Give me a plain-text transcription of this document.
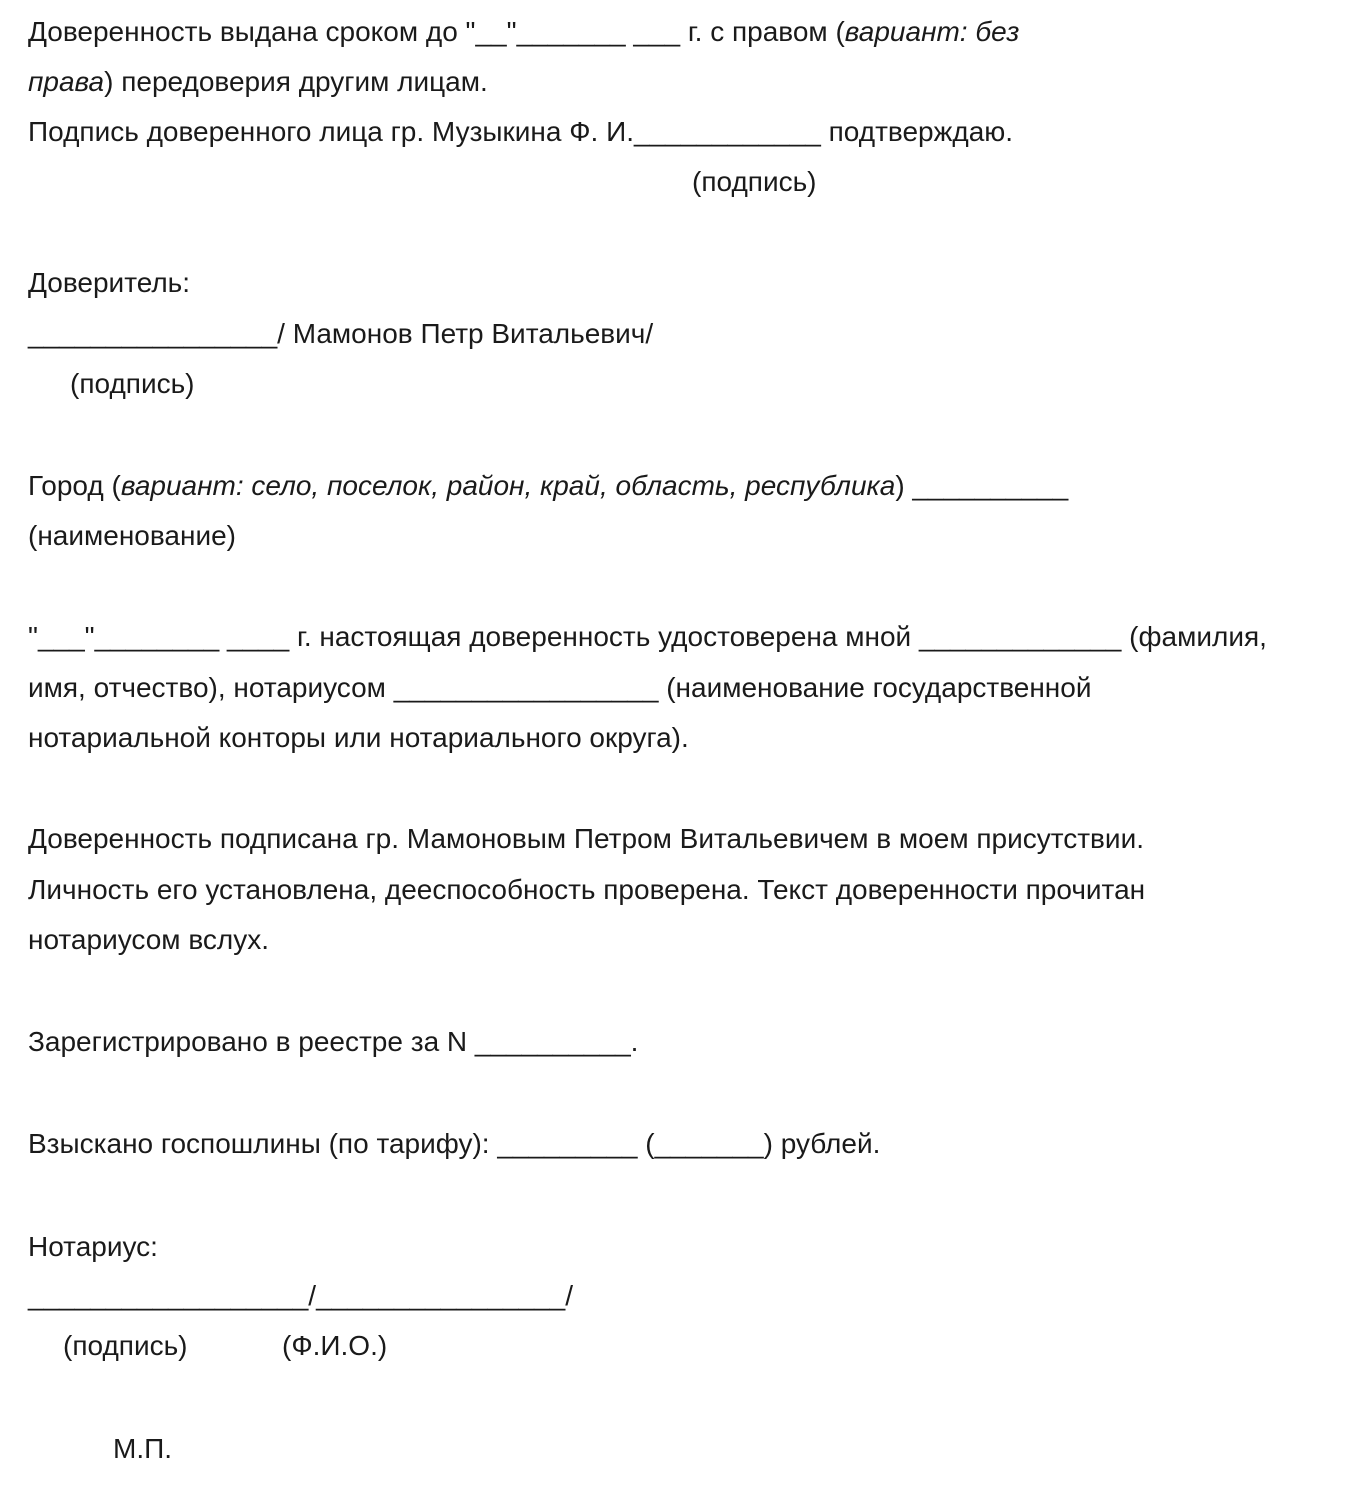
Доверенность выдана сроком до "__"_______ ___ г. с правом (вариант: без

права) передоверия другим лицам.

Подпись доверенного лица гр. Музыкина Ф. И.____________ подтверждаю.

(подпись)

Доверитель:

________________/ Мамонов Петр Витальевич/

(подпись)

Город (вариант: село, поселок, район, край, область, республика) __________

(наименование)

"___"________ ____ г. настоящая доверенность удостоверена мной _____________ (фамилия,

имя, отчество), нотариусом _________________ (наименование государственной

нотариальной конторы или нотариального округа).

Доверенность подписана гр. Мамоновым Петром Витальевичем в моем присутствии.

Личность его установлена, дееспособность проверена. Текст доверенности прочитан

нотариусом вслух.

Зарегистрировано в реестре за N __________.

Взыскано госпошлины (по тарифу): _________ (_______) рублей.

Нотариус:

__________________/________________/

(подпись)	(Ф.И.О.)

М.П.
